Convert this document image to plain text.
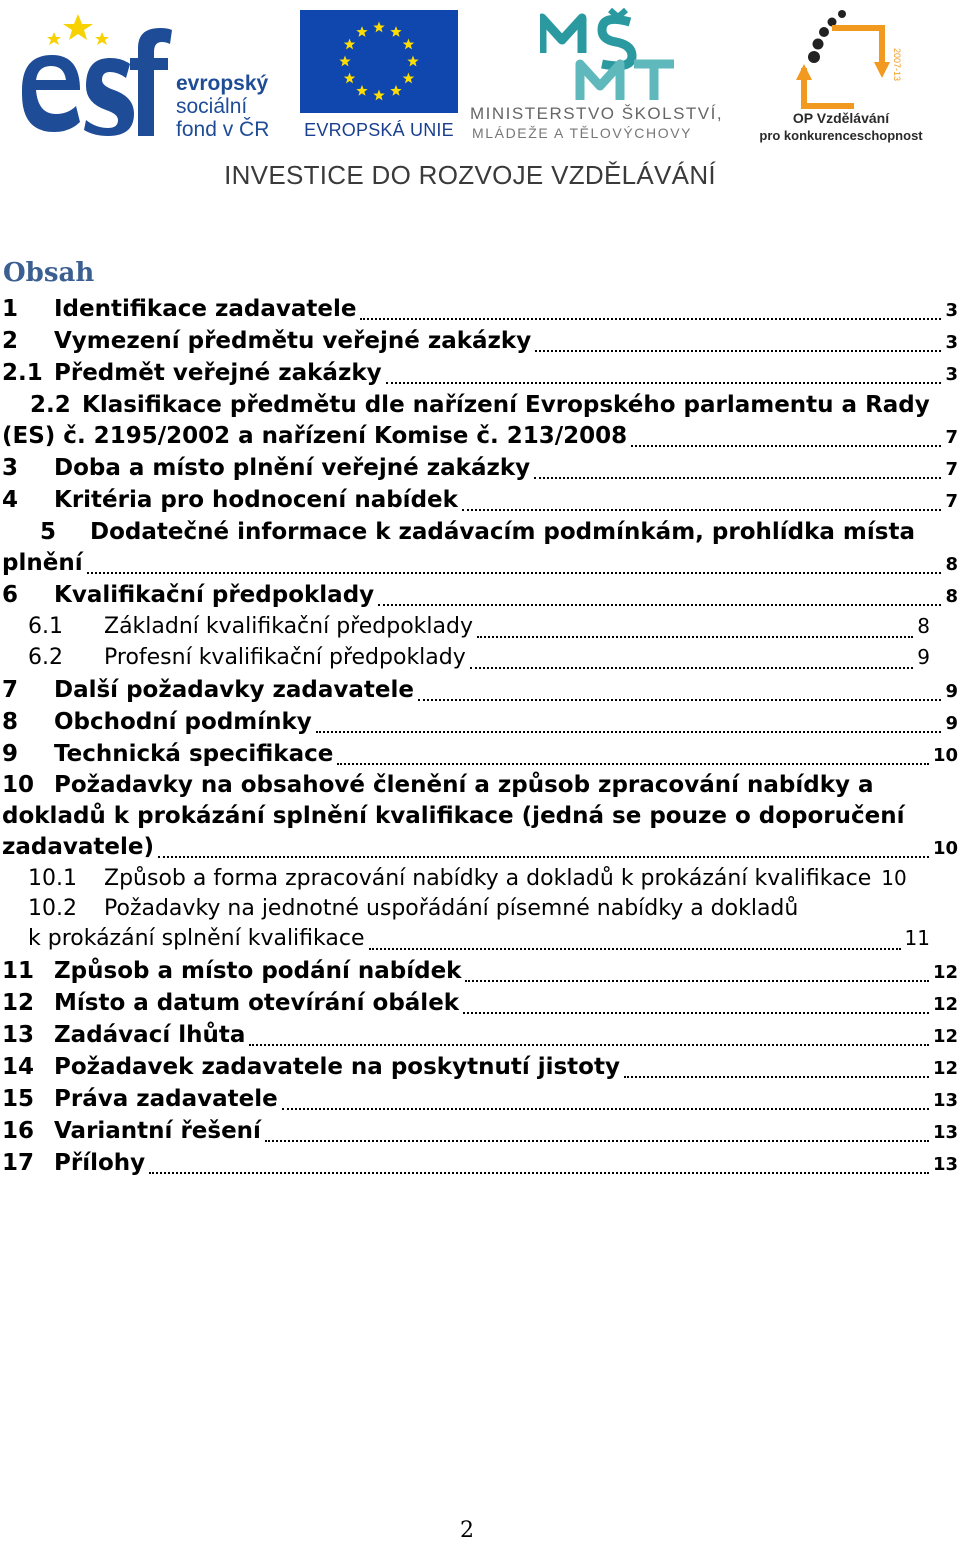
evropský
sociální
fond v ČR EVROPSKÁ UNIE
MINISTERSTVO ŠKOLSTVÍ,
MLÁDEŽE A TĚLOVÝCHOVY
2007-13
OP Vzdělávání
pro konkurenceschopnost
INVESTICE DO ROZVOJE VZDĚLÁVÁNÍ
Obsah
1 Identifikace zadavatele	3
2 Vymezení předmětu veřejné zakázky	3
2.1 Předmět veřejné zakázky	3
2.2 Klasifikace předmětu dle nařízení Evropského parlamentu a Rady
(ES) č. 2195/2002 a nařízení Komise č. 213/2008	7
3 Doba a místo plnění veřejné zakázky	7
4 Kritéria pro hodnocení nabídek	7
5 Dodatečné informace k zadávacím podmínkám, prohlídka místa
plnění	8
6 Kvalifikační předpoklady	8
6.1 Základní kvalifikační předpoklady	8
6.2 Profesní kvalifikační předpoklady	9
7 Další požadavky zadavatele	9
8 Obchodní podmínky	9
9 Technická specifikace	10
10 Požadavky na obsahové členění a způsob zpracování nabídky a
dokladů k prokázání splnění kvalifikace (jedná se pouze o doporučení
zadavatele)	10
10.1 Způsob a forma zpracování nabídky a dokladů k prokázání kvalifikace 10
10.2 Požadavky na jednotné uspořádání písemné nabídky a dokladů
k prokázání splnění kvalifikace	11
11 Způsob a místo podání nabídek	12
12 Místo a datum otevírání obálek	12
13 Zadávací lhůta	12
14 Požadavek zadavatele na poskytnutí jistoty	12
15 Práva zadavatele	13
16 Variantní řešení	13
17 Přílohy	13
2
